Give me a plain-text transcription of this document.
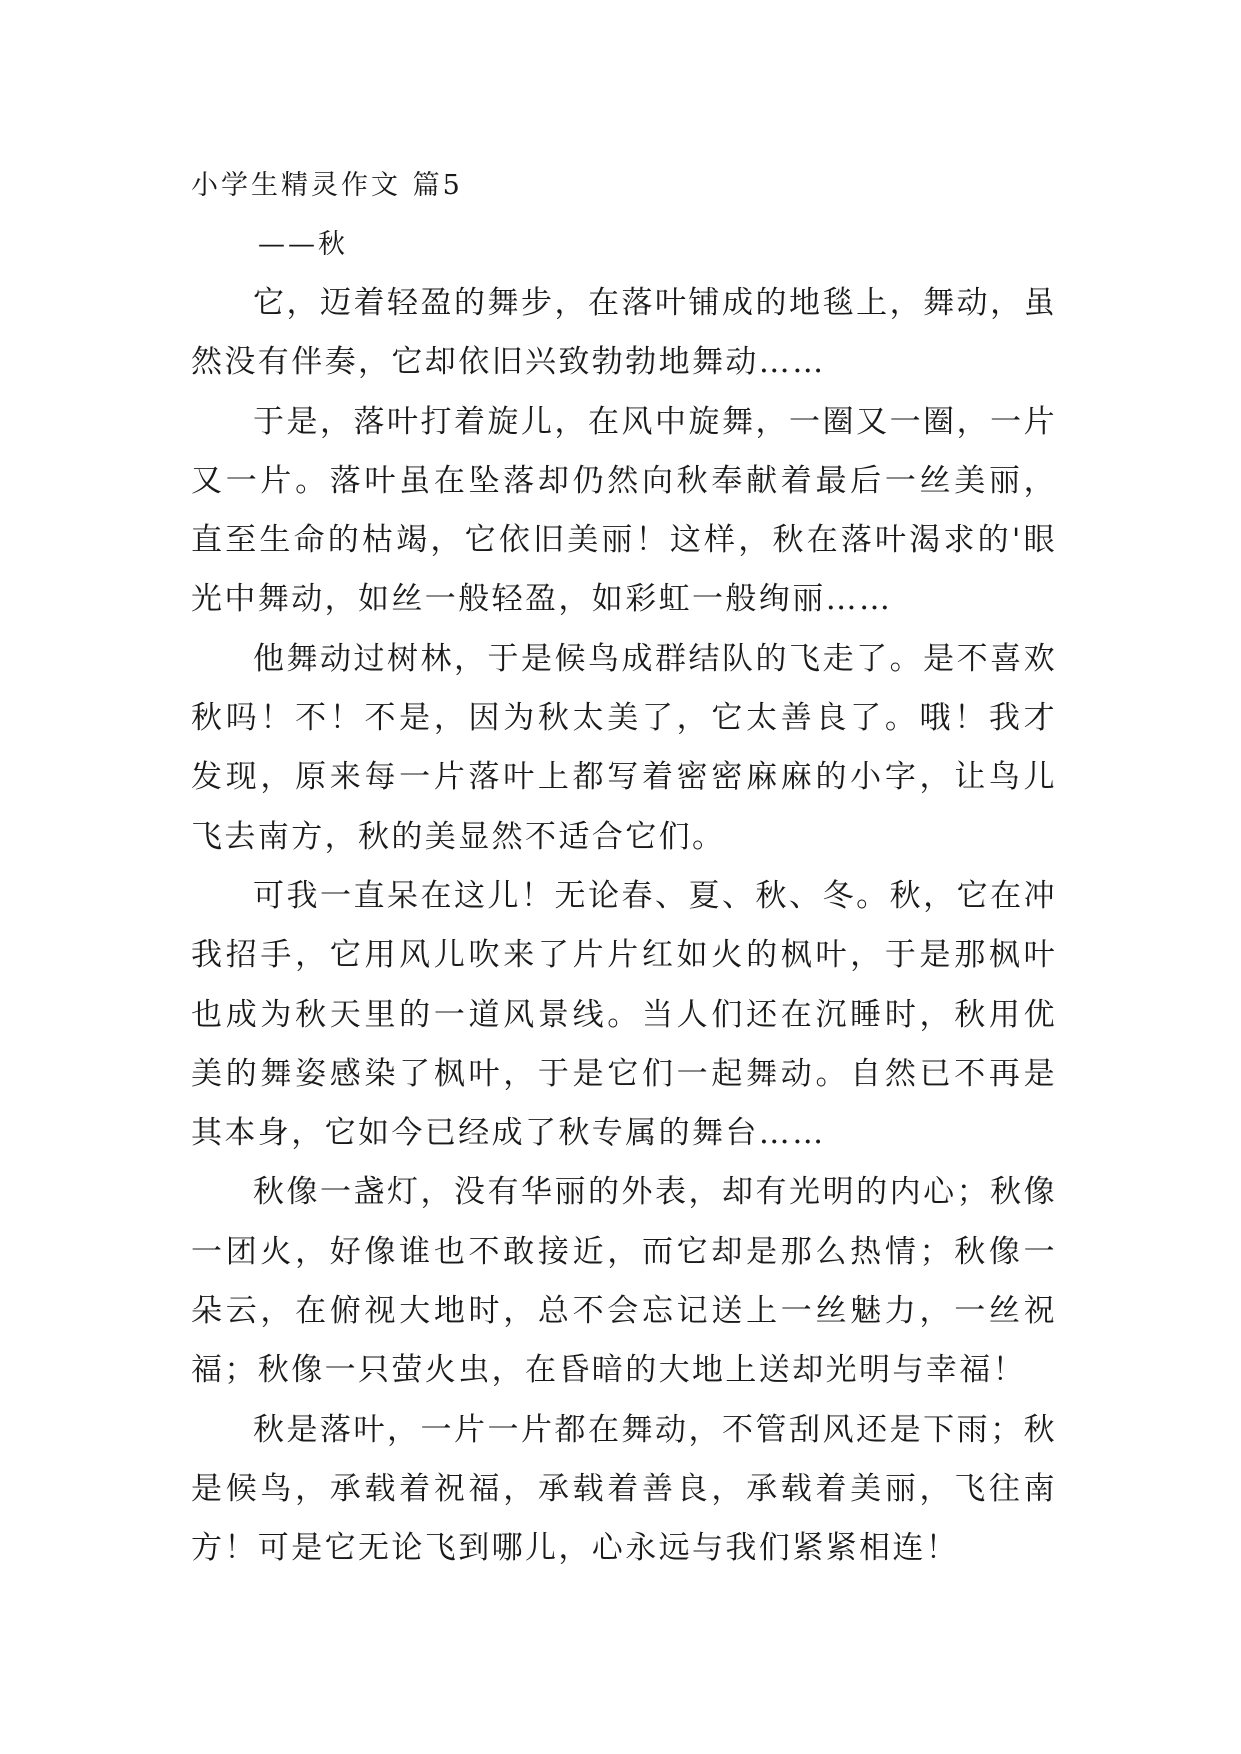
小学生精灵作文 篇5
——秋

它，迈着轻盈的舞步，在落叶铺成的地毯上，舞动，虽然没有伴奏，它却依旧兴致勃勃地舞动……

于是，落叶打着旋儿，在风中旋舞，一圈又一圈，一片又一片。落叶虽在坠落却仍然向秋奉献着最后一丝美丽，直至生命的枯竭，它依旧美丽！这样，秋在落叶渴求的'眼光中舞动，如丝一般轻盈，如彩虹一般绚丽……

他舞动过树林，于是候鸟成群结队的飞走了。是不喜欢秋吗！不！不是，因为秋太美了，它太善良了。哦！我才发现，原来每一片落叶上都写着密密麻麻的小字，让鸟儿飞去南方，秋的美显然不适合它们。

可我一直呆在这儿！无论春、夏、秋、冬。秋，它在冲我招手，它用风儿吹来了片片红如火的枫叶，于是那枫叶也成为秋天里的一道风景线。当人们还在沉睡时，秋用优美的舞姿感染了枫叶，于是它们一起舞动。自然已不再是其本身，它如今已经成了秋专属的舞台……

秋像一盏灯，没有华丽的外表，却有光明的内心；秋像一团火，好像谁也不敢接近，而它却是那么热情；秋像一朵云，在俯视大地时，总不会忘记送上一丝魅力，一丝祝福；秋像一只萤火虫，在昏暗的大地上送却光明与幸福！

秋是落叶，一片一片都在舞动，不管刮风还是下雨；秋是候鸟，承载着祝福，承载着善良，承载着美丽，飞往南方！可是它无论飞到哪儿，心永远与我们紧紧相连！
